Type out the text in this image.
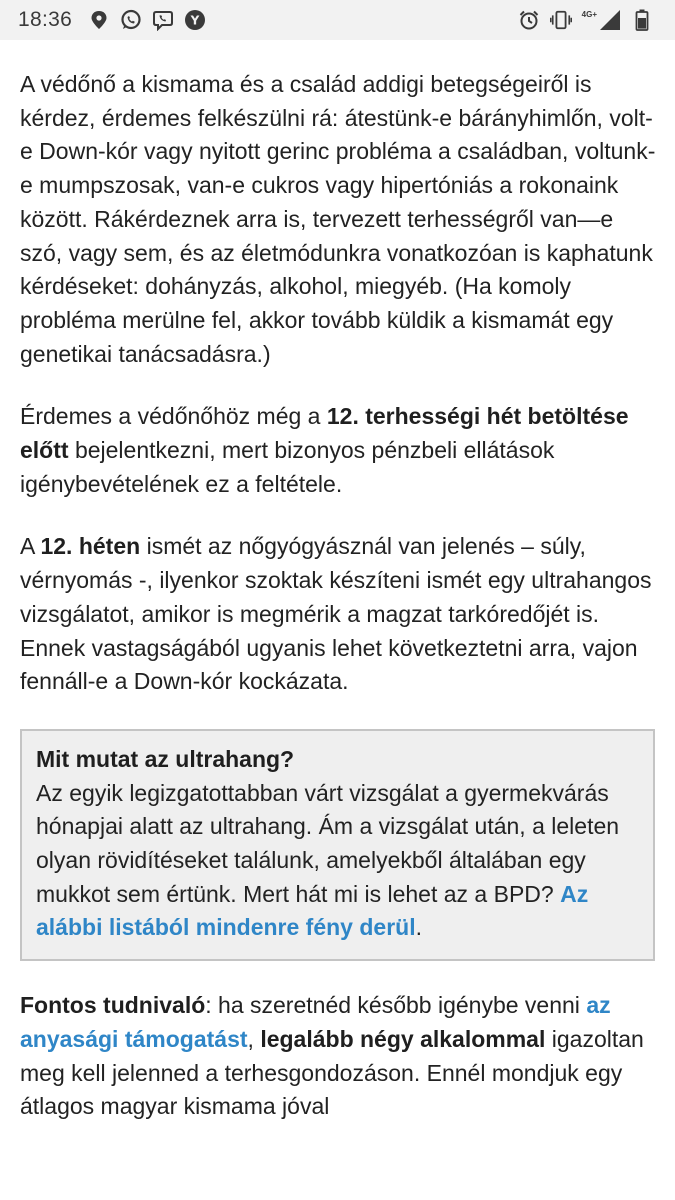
18:36	Y	4G+

A védőnő a kismama és a család addigi betegségeiről is kérdez, érdemes felkészülni rá: átestünk-e bárányhimlőn, volt-e Down-kór vagy nyitott gerinc probléma a családban, voltunk-e mumpszosak, van-e cukros vagy hipertóniás a rokonaink között. Rákérdeznek arra is, tervezett terhességről van—e szó, vagy sem, és az életmódunkra vonatkozóan is kaphatunk kérdéseket: dohányzás, alkohol, miegyéb. (Ha komoly probléma merülne fel, akkor tovább küldik a kismamát egy genetikai tanácsadásra.)

Érdemes a védőnőhöz még a 12. terhességi hét betöltése előtt bejelentkezni, mert bizonyos pénzbeli ellátások igénybevételének ez a feltétele.

A 12. héten ismét az nőgyógyásznál van jelenés – súly, vérnyomás -, ilyenkor szoktak készíteni ismét egy ultrahangos vizsgálatot, amikor is megmérik a magzat tarkóredőjét is. Ennek vastagságából ugyanis lehet következtetni arra, vajon fennáll-e a Down-kór kockázata.

Mit mutat az ultrahang?

Az egyik legizgatottabban várt vizsgálat a gyermekvárás hónapjai alatt az ultrahang. Ám a vizsgálat után, a leleten olyan rövidítéseket találunk, amelyekből általában egy mukkot sem értünk. Mert hát mi is lehet az a BPD? Az alábbi listából mindenre fény derül.

Fontos tudnivaló: ha szeretnéd később igénybe venni az anyasági támogatást, legalább négy alkalommal igazoltan meg kell jelenned a terhesgondozáson. Ennél mondjuk egy átlagos magyar kismama jóval
